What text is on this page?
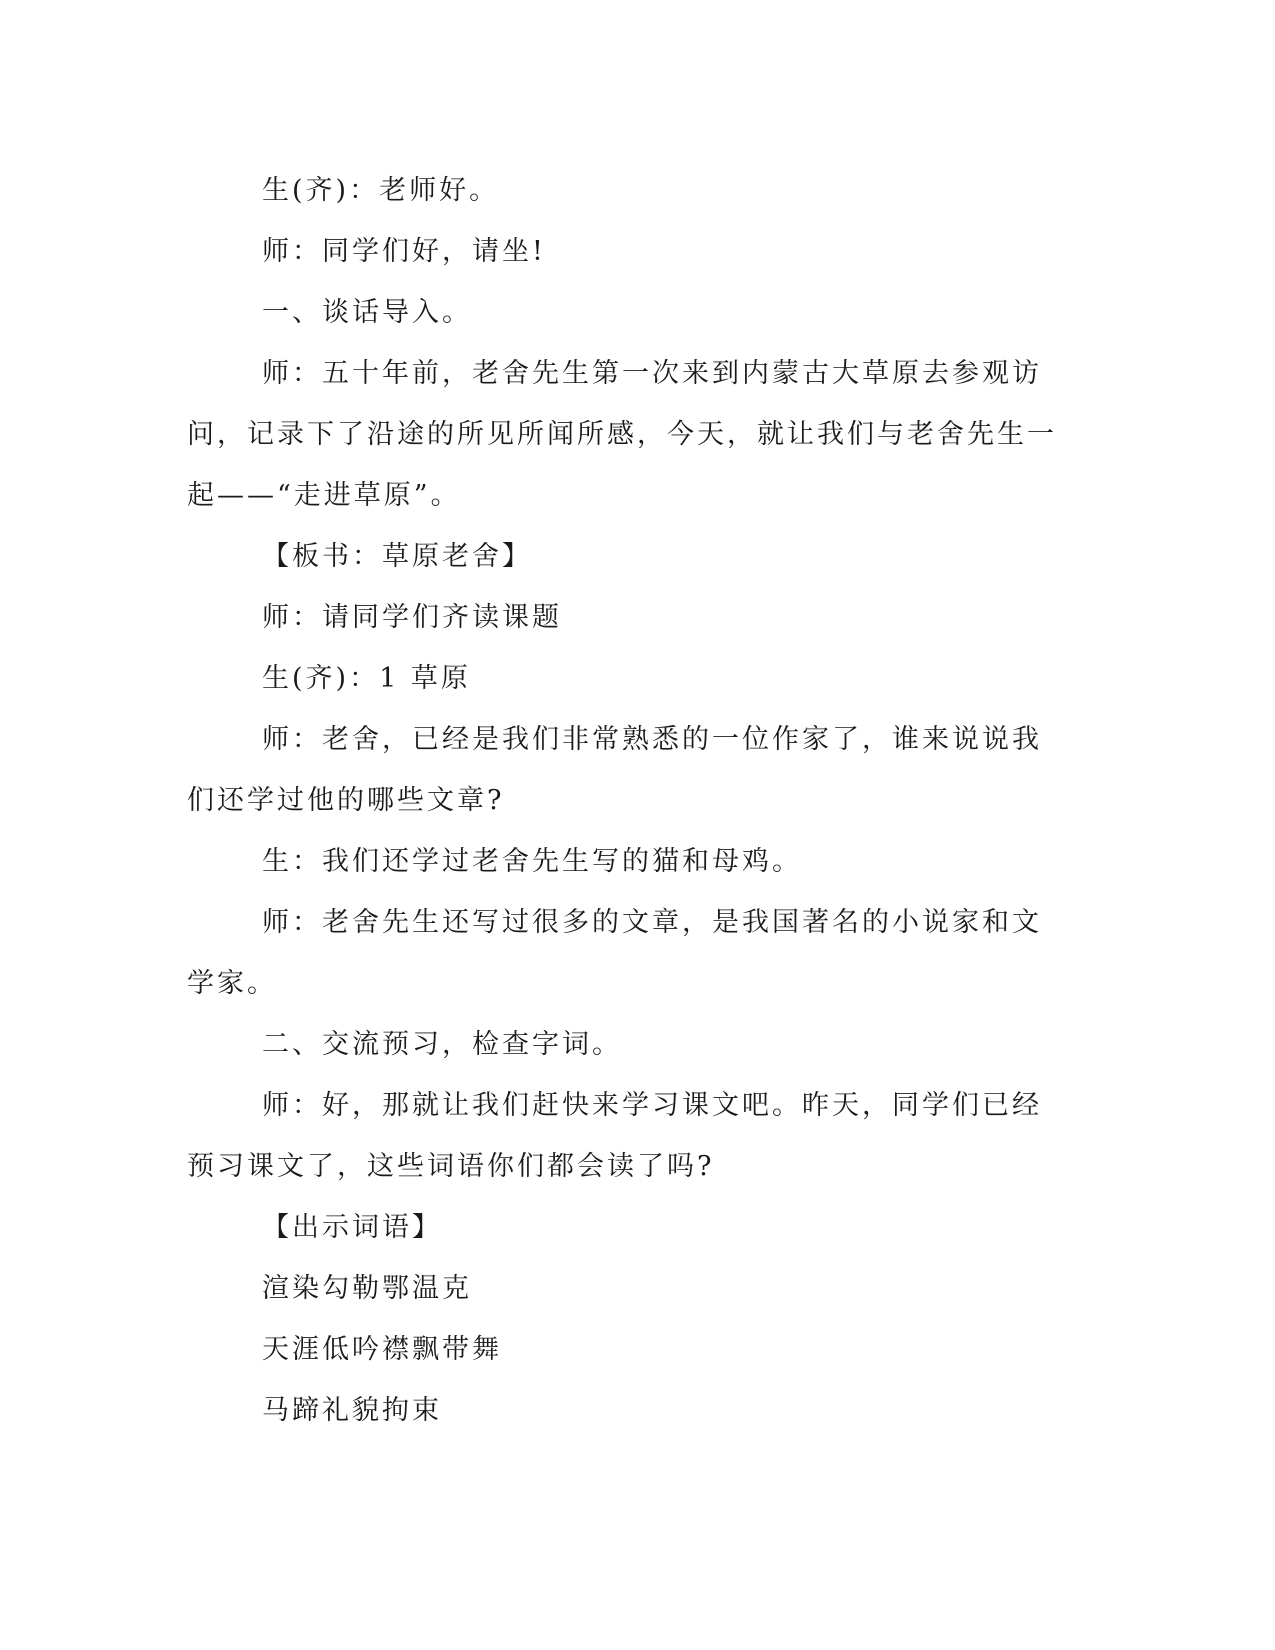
生(齐)：老师好。

师：同学们好，请坐!

一、谈话导入。

师：五十年前，老舍先生第一次来到内蒙古大草原去参观访问，记录下了沿途的所见所闻所感，今天，就让我们与老舍先生一起——“走进草原”。

【板书：草原老舍】

师：请同学们齐读课题

生(齐)：1 草原

师：老舍，已经是我们非常熟悉的一位作家了，谁来说说我们还学过他的哪些文章?

生：我们还学过老舍先生写的猫和母鸡。

师：老舍先生还写过很多的文章，是我国著名的小说家和文学家。

二、交流预习，检查字词。

师：好，那就让我们赶快来学习课文吧。昨天，同学们已经预习课文了，这些词语你们都会读了吗?

【出示词语】

渲染勾勒鄂温克

天涯低吟襟飘带舞

马蹄礼貌拘束
